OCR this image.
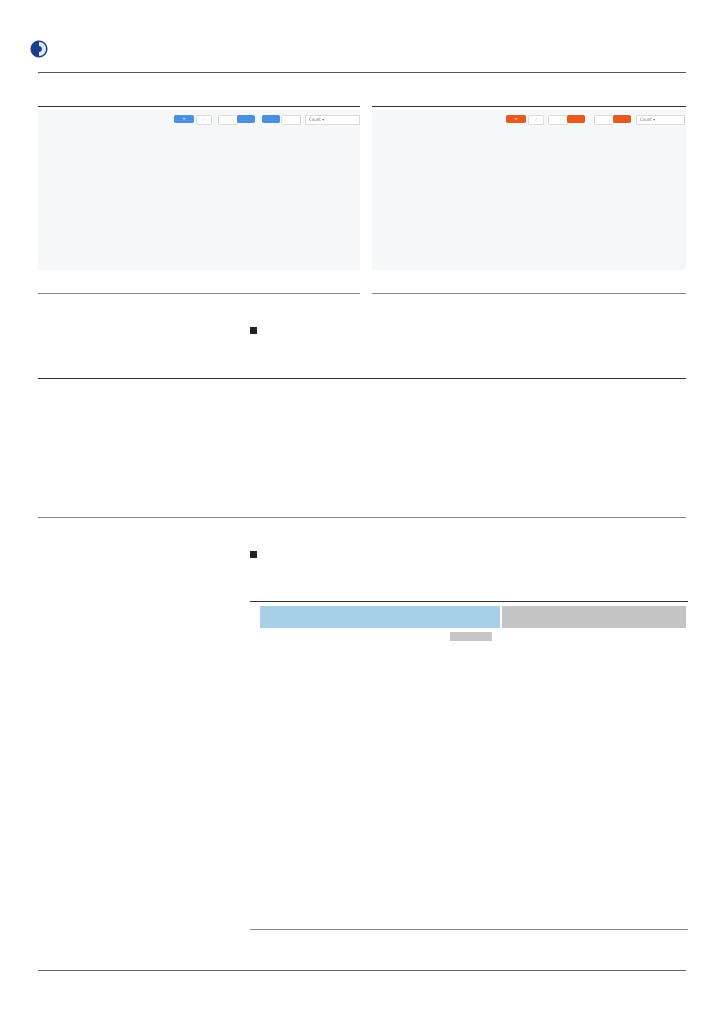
≡	⟋	Count ▾	≡	⟋	Count ▾
